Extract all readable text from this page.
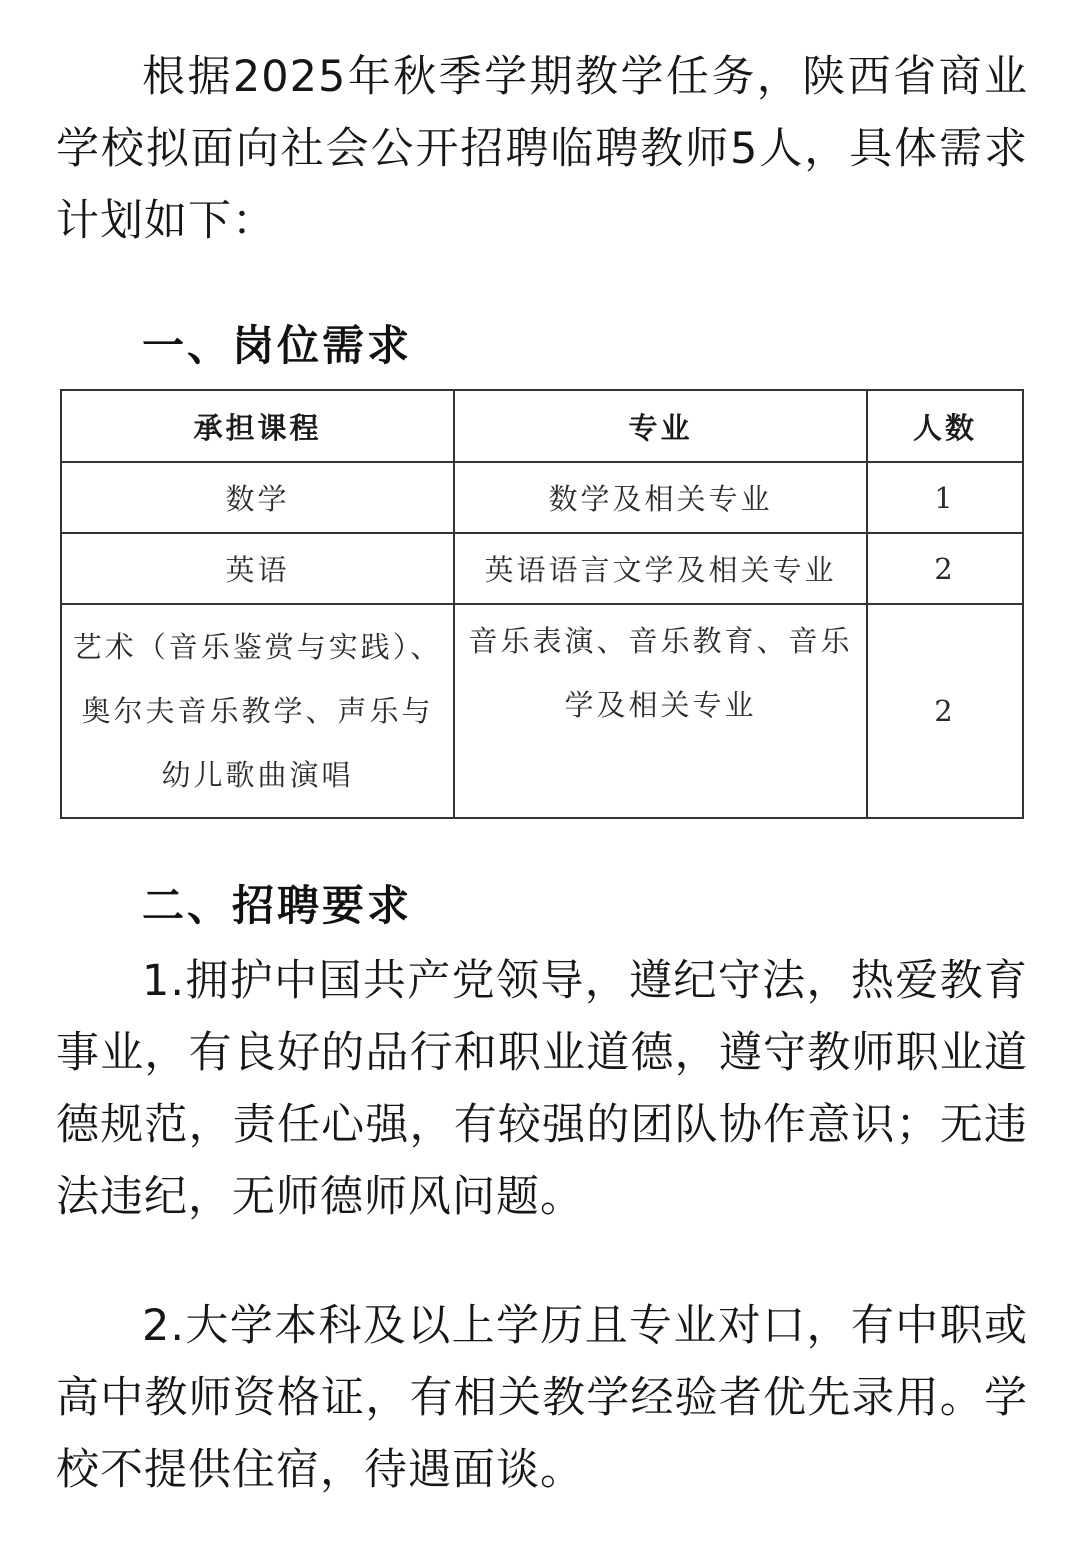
根据2025年秋季学期教学任务，陕西省商业学校拟面向社会公开招聘临聘教师5人，具体需求计划如下：

一、岗位需求
承担课程	专业	人数
数学	数学及相关专业	1
英语	英语语言文学及相关专业	2
艺术（音乐鉴赏与实践）、奥尔夫音乐教学、声乐与幼儿歌曲演唱	音乐表演、音乐教育、音乐学及相关专业	2
二、招聘要求

1.拥护中国共产党领导，遵纪守法，热爱教育事业，有良好的品行和职业道德，遵守教师职业道德规范，责任心强，有较强的团队协作意识；无违法违纪，无师德师风问题。

2.大学本科及以上学历且专业对口，有中职或高中教师资格证，有相关教学经验者优先录用。学校不提供住宿，待遇面谈。
